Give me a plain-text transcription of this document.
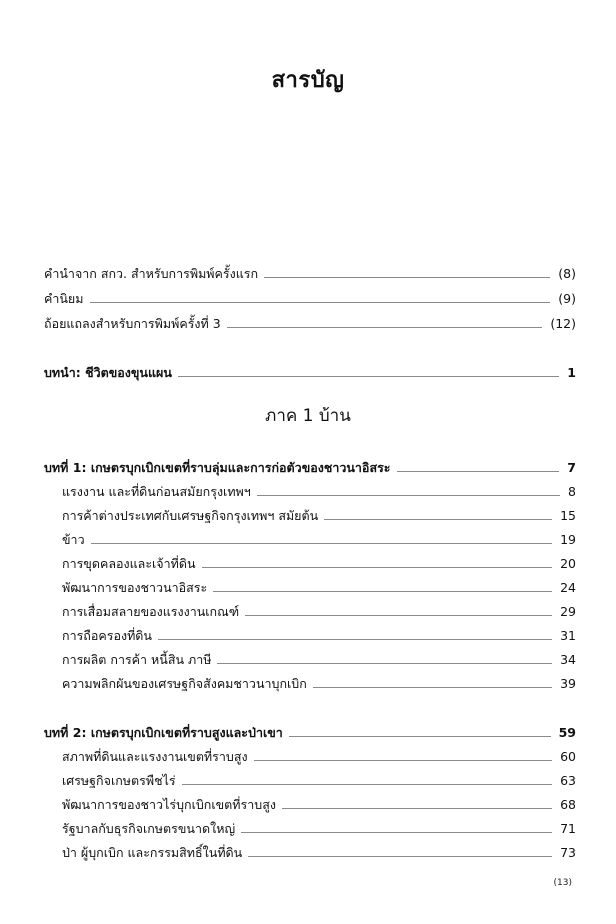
สารบัญ
คำนำจาก สกว. สำหรับการพิมพ์ครั้งแรก	(8)
คำนิยม	(9)
ถ้อยแถลงสำหรับการพิมพ์ครั้งที่ 3	(12)
บทนำ: ชีวิตของขุนแผน	1
ภาค 1 บ้าน
บทที่ 1: เกษตรบุกเบิกเขตที่ราบลุ่มและการก่อตัวของชาวนาอิสระ	7
แรงงาน และที่ดินก่อนสมัยกรุงเทพฯ	8
การค้าต่างประเทศกับเศรษฐกิจกรุงเทพฯ สมัยต้น	15
ข้าว	19
การขุดคลองและเจ้าที่ดิน	20
พัฒนาการของชาวนาอิสระ	24
การเสื่อมสลายของแรงงานเกณฑ์	29
การถือครองที่ดิน	31
การผลิต การค้า หนี้สิน ภาษี	34
ความพลิกผันของเศรษฐกิจสังคมชาวนาบุกเบิก	39
บทที่ 2: เกษตรบุกเบิกเขตที่ราบสูงและป่าเขา	59
สภาพที่ดินและแรงงานเขตที่ราบสูง	60
เศรษฐกิจเกษตรพืชไร่	63
พัฒนาการของชาวไร่บุกเบิกเขตที่ราบสูง	68
รัฐบาลกับธุรกิจเกษตรขนาดใหญ่	71
ป่า ผู้บุกเบิก และกรรมสิทธิ์ในที่ดิน	73
(13)
